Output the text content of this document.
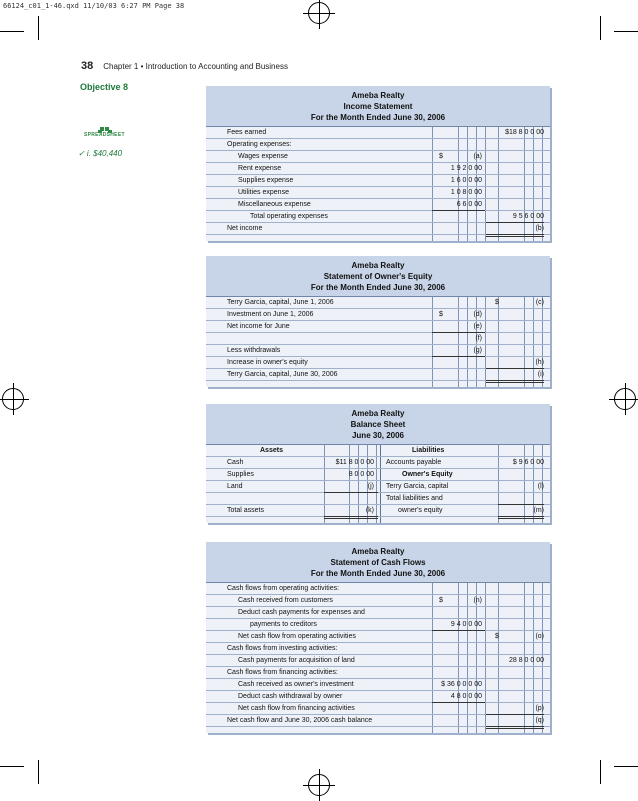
66124_c01_1-46.qxd 11/10/03 6:27 PM Page 38
38 Chapter 1 • Introduction to Accounting and Business
Objective 8
SPREADSHEET
✓ i. $40,440
Ameba Realty
Income Statement
For the Month Ended June 30, 2006
Fees earned	$18 8 0 0 00
Operating expenses:
Wages expense	$	(a)
Rent expense	1 9 2 0 00
Supplies expense	1 6 0 0 00
Utilities expense	1 0 8 0 00
Miscellaneous expense	6 6 0 00
Total operating expenses	9 5 6 0 00
Net income	(b)
Ameba Realty
Statement of Owner's Equity
For the Month Ended June 30, 2006
Terry Garcia, capital, June 1, 2006	$	(c)
Investment on June 1, 2006	$	(d)
Net income for June	(e)
(f)
Less withdrawals	(g)
Increase in owner's equity	(h)
Terry Garcia, capital, June 30, 2006	(i)
Ameba Realty
Balance Sheet
June 30, 2006
Assets	Liabilities
Cash	$11 8 0 0 00 Accounts payable	$ 9 6 0 00
Supplies	8 0 0 00	Owner's Equity
Land	(j) Terry Garcia, capital	(l)
Total liabilities and
Total assets	(k)	owner's equity	(m)
Ameba Realty
Statement of Cash Flows
For the Month Ended June 30, 2006
Cash flows from operating activities:
Cash received from customers	$	(n)
Deduct cash payments for expenses and
payments to creditors	9 4 0 0 00
Net cash flow from operating activities	$	(o)
Cash flows from investing activities:
Cash payments for acquisition of land	28 8 0 0 00
Cash flows from financing activities:
Cash received as owner's investment	$ 36 0 0 0 00
Deduct cash withdrawal by owner	4 8 0 0 00
Net cash flow from financing activities	(p)
Net cash flow and June 30, 2006 cash balance	(q)
